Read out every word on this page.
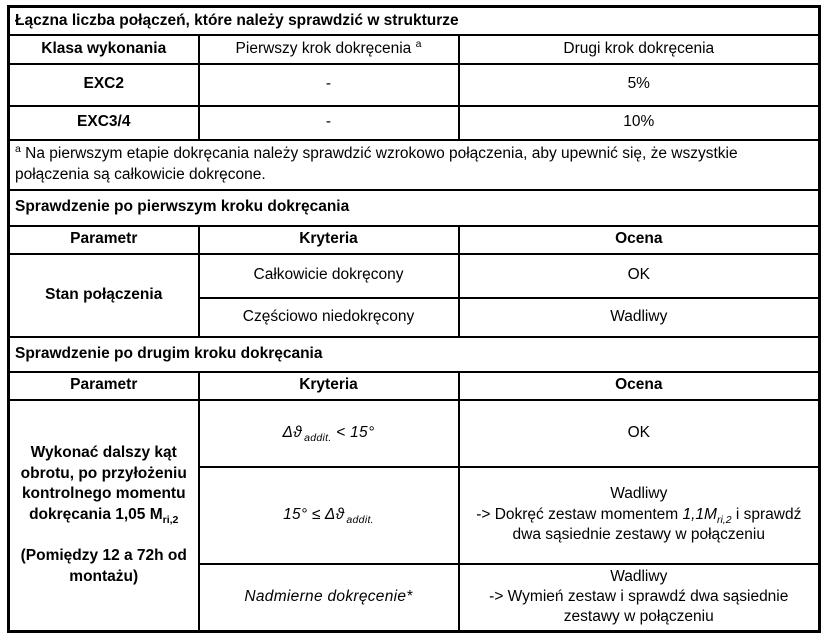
Łączna liczba połączeń, które należy sprawdzić w strukturze		
Klasa wykonania	Pierwszy krok dokręcenia $^a$	Drugi krok dokręcenia
EXC2	-	5%
EXC3/4	-	10%
$^a$ Na pierwszym etapie dokręcania należy sprawdzić wzrokowo połączenia, aby upewnić się, że wszystkie połączenia są całkowicie dokręcone.		
Sprawdzenie po pierwszym kroku dokręcania		
Parametr	Kryteria	Ocena
Stan połączenia	Całkowicie dokręcony	OK
	Częściowo niedokręcony	Wadliwy
Sprawdzenie po drugim kroku dokręcania		
Parametr	Kryteria	Ocena

Wykonać dalszy kąt obrotu, po przyłożeniu kontrolnego momentu dokręcania 1,05 $M_{ri,2}$
(Pomiędzy 12 a 72h od montażu)	Δϑ $_{addit.}$ < 15°	OK

	15° ≤ Δϑ $_{addit.}$	Wadliwy
-> Dokręć zestaw momentem $1,1M_{ri,2}$ i sprawdź dwa sąsiednie zestawy w połączeniu

	Nadmierne dokręcenie*	Wadliwy
-> Wymień zestaw i sprawdź dwa sąsiednie zestawy w połączeniu
